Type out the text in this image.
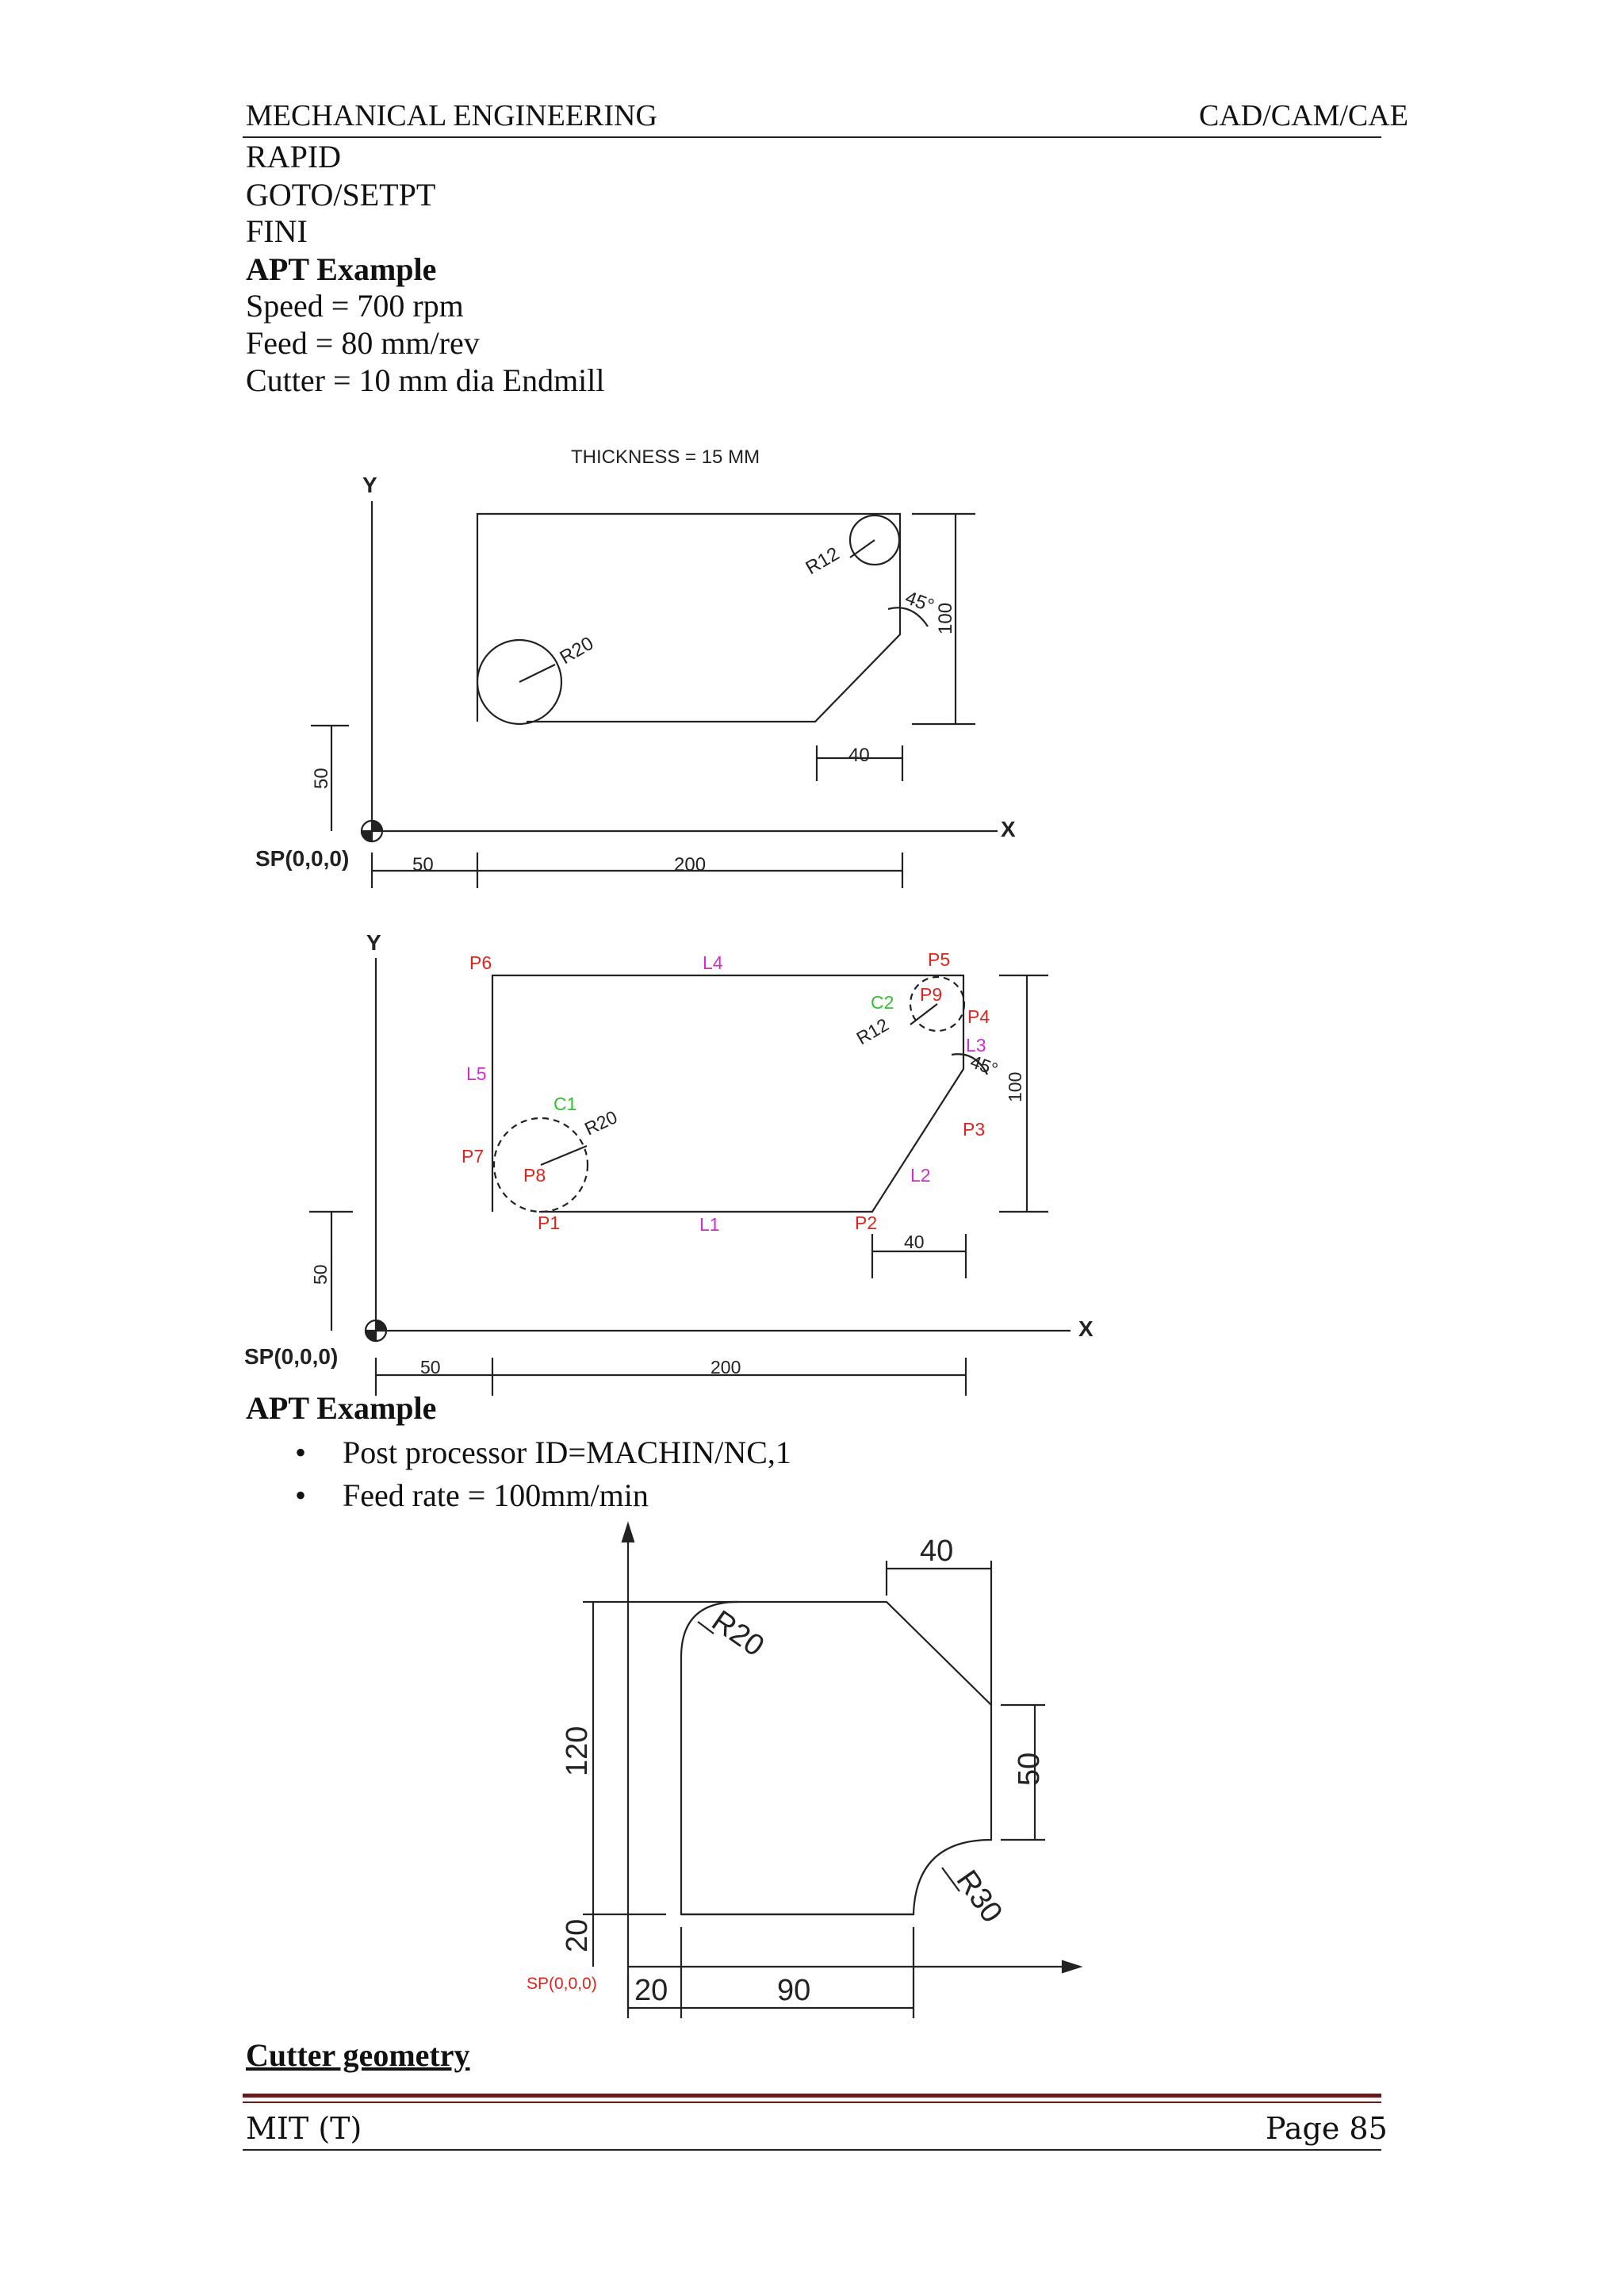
MECHANICAL ENGINEERING	CAD/CAM/CAE
RAPID
GOTO/SETPT
FINI
APT Example
Speed = 700 rpm
Feed = 80 mm/rev
Cutter = 10 mm dia Endmill
THICKNESS = 15 MM
Y
X
SP(0,0,0)
R12
R20
45°
100
40
50
50	200
Y
X
SP(0,0,0)
P6	P5
P9
P4
P3
P2
P1
P7
P8
L4
L3
L2
L1
L5
C1
C2
R12
R20
45°
100
40
50
50	200
40
120	50
20
20	90
R20
R30
SP(0,0,0)
APT Example
• Post processor ID=MACHIN/NC,1
• Feed rate = 100mm/min
Cutter geometry
MIT (T)	Page 85
